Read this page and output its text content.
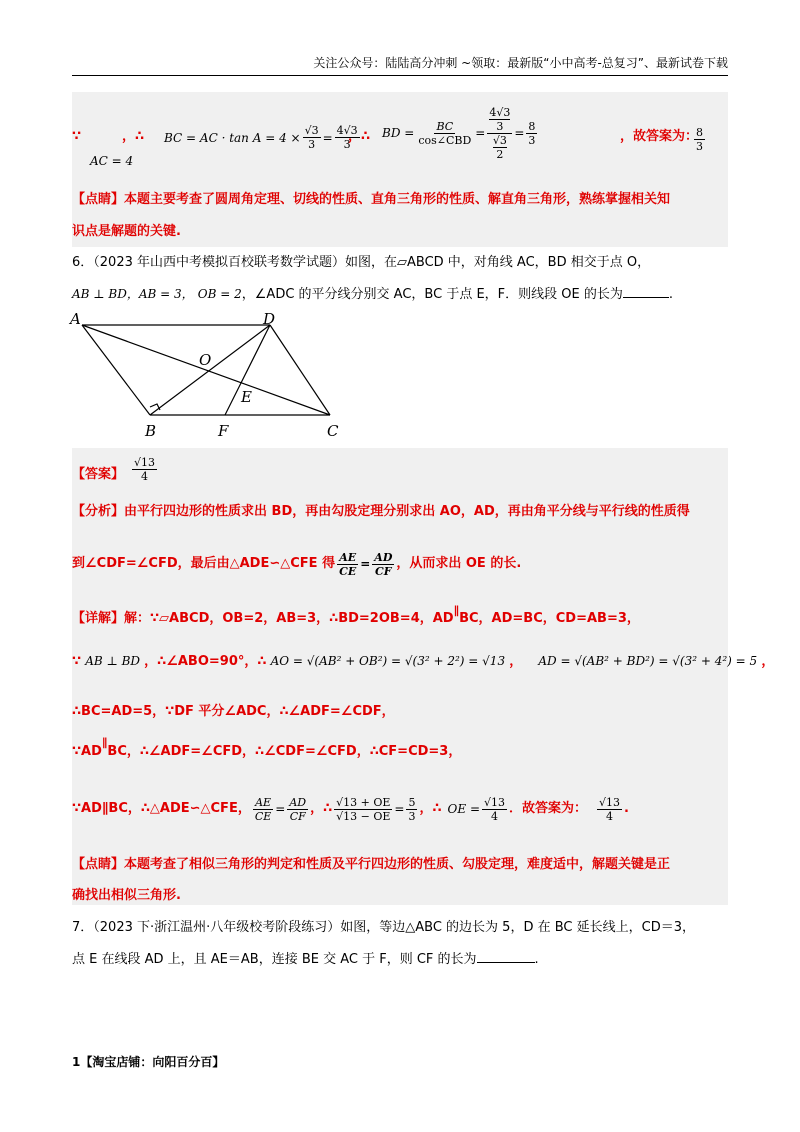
关注公众号：陆陆高分冲刺 ~领取：最新版“小中高考-总复习”、最新试卷下载
∵
AC = 4
，∴ BC = AC · $\tan A = 4 \times \frac{√3}{3} = \frac{4√3}{3}$
，∴ BD = $\frac{BC}{\text{cos∠CBD}} = \frac{\frac{4√3}{3}}{\frac{√3}{2}} = \frac{8}{3}$	，故答案为：
$\frac{8}{3}$
【点睛】本题主要考查了圆周角定理、切线的性质、直角三角形的性质、解直角三角形，熟练掌握相关知
识点是解题的关键.
6．（2023 年山西中考模拟百校联考数学试题）如图，在▱ABCD 中，对角线 AC，BD 相交于点 O，
AB ⊥ BD，AB = 3， OB = 2，∠ADC 的平分线分别交 AC，BC 于点 E，F．则线段 OE 的长为	.
A	D
O
E
B	F	C
【答案】 $\frac{√13}{4}$
【分析】由平行四边形的性质求出 BD，再由勾股定理分别求出 AO，AD，再由角平分线与平行线的性质得
到∠CDF=∠CFD，最后由△ADE∽△CFE 得 $\frac{AE}{CE} = \frac{AD}{CF}$ ，从而求出 OE 的长.
【详解】解：∵▱ABCD，OB=2，AB=3，∴BD=2OB=4，AD∥BC，AD=BC，CD=AB=3，
∵ AB ⊥ BD ，∴∠ABO=90°，∴ AO = √(AB² + OB²) = √(3² + 2²) = √13 ， AD = √(AB² + BD²) = √(3² + 4²) = 5 ，
∴BC=AD=5，∵DF 平分∠ADC，∴∠ADF=∠CDF，
∵AD∥BC，∴∠ADF=∠CFD，∴∠CDF=∠CFD，∴CF=CD=3，
∵AD ∥ BC，∴△ADE∽△CFE， $\frac{AE}{CE} = \frac{AD}{CF}$ ，∴ $\frac{√13 + OE}{√13 - OE} = \frac{5}{3}$ ，∴ OE = $\frac{√13}{4}$ ．故答案为： $\frac{√13}{4}$ .
【点睛】本题考查了相似三角形的判定和性质及平行四边形的性质、勾股定理，难度适中，解题关键是正
确找出相似三角形.
7．（2023 下·浙江温州·八年级校考阶段练习）如图，等边△ABC 的边长为 5，D 在 BC 延长线上，CD＝3，
点 E 在线段 AD 上，且 AE＝AB，连接 BE 交 AC 于 F，则 CF 的长为	.
1【淘宝店铺：向阳百分百】
